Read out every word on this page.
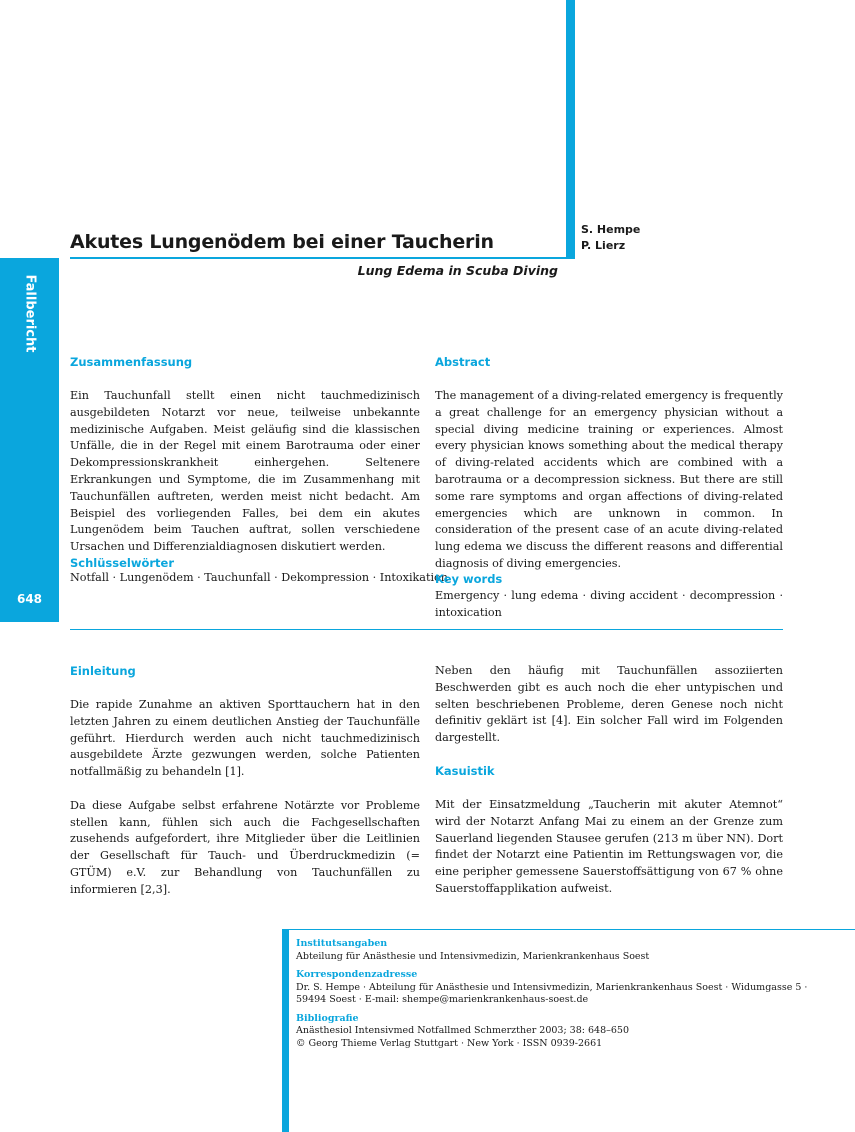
Fallbericht
648
Akutes Lungenödem bei einer Taucherin
S. Hempe
P. Lierz
Lung Edema in Scuba Diving
Zusammenfassung
Ein Tauchunfall stellt einen nicht tauchmedizinisch ausgebildeten Notarzt vor neue, teilweise unbekannte medizinische Aufgaben. Meist geläufig sind die klassischen Unfälle, die in der Regel mit einem Barotrauma oder einer Dekompressionskrankheit einhergehen. Seltenere Erkrankungen und Symptome, die im Zusammenhang mit Tauchunfällen auftreten, werden meist nicht bedacht. Am Beispiel des vorliegenden Falles, bei dem ein akutes Lungenödem beim Tauchen auftrat, sollen verschiedene Ursachen und Differenzialdiagnosen diskutiert werden.
Schlüsselwörter
Notfall · Lungenödem · Tauchunfall · Dekompression · Intoxikation
Abstract
The management of a diving-related emergency is frequently a great challenge for an emergency physician without a special diving medicine training or experiences. Almost every physician knows something about the medical therapy of diving-related accidents which are combined with a barotrauma or a decompression sickness. But there are still some rare symptoms and organ affections of diving-related emergencies which are unknown in common. In consideration of the present case of an acute diving-related lung edema we discuss the different reasons and differential diagnosis of diving emergencies.
Key words
Emergency · lung edema · diving accident · decompression · intoxication
Einleitung

Die rapide Zunahme an aktiven Sporttauchern hat in den letzten Jahren zu einem deutlichen Anstieg der Tauchunfälle geführt. Hierdurch werden auch nicht tauchmedizinisch ausgebildete Ärzte gezwungen werden, solche Patienten notfallmäßig zu behandeln [1].

Da diese Aufgabe selbst erfahrene Notärzte vor Probleme stellen kann, fühlen sich auch die Fachgesellschaften zusehends aufgefordert, ihre Mitglieder über die Leitlinien der Gesellschaft für Tauch- und Überdruckmedizin (= GTÜM) e.V. zur Behandlung von Tauchunfällen zu informieren [2,3].

Neben den häufig mit Tauchunfällen assoziierten Beschwerden gibt es auch noch die eher untypischen und selten beschriebenen Probleme, deren Genese noch nicht definitiv geklärt ist [4]. Ein solcher Fall wird im Folgenden dargestellt.
Kasuistik
Mit der Einsatzmeldung „Taucherin mit akuter Atemnot“ wird der Notarzt Anfang Mai zu einem an der Grenze zum Sauerland liegenden Stausee gerufen (213 m über NN). Dort findet der Notarzt eine Patientin im Rettungswagen vor, die eine peripher gemessene Sauerstoffsättigung von 67 % ohne Sauerstoffapplikation aufweist.
Institutsangaben
Abteilung für Anästhesie und Intensivmedizin, Marienkrankenhaus Soest
Korrespondenzadresse
Dr. S. Hempe · Abteilung für Anästhesie und Intensivmedizin, Marienkrankenhaus Soest · Widumgasse 5 ·
59494 Soest · E-mail: shempe@marienkrankenhaus-soest.de
Bibliografie
Anästhesiol Intensivmed Notfallmed Schmerzther 2003; 38: 648–650
© Georg Thieme Verlag Stuttgart · New York · ISSN 0939-2661
